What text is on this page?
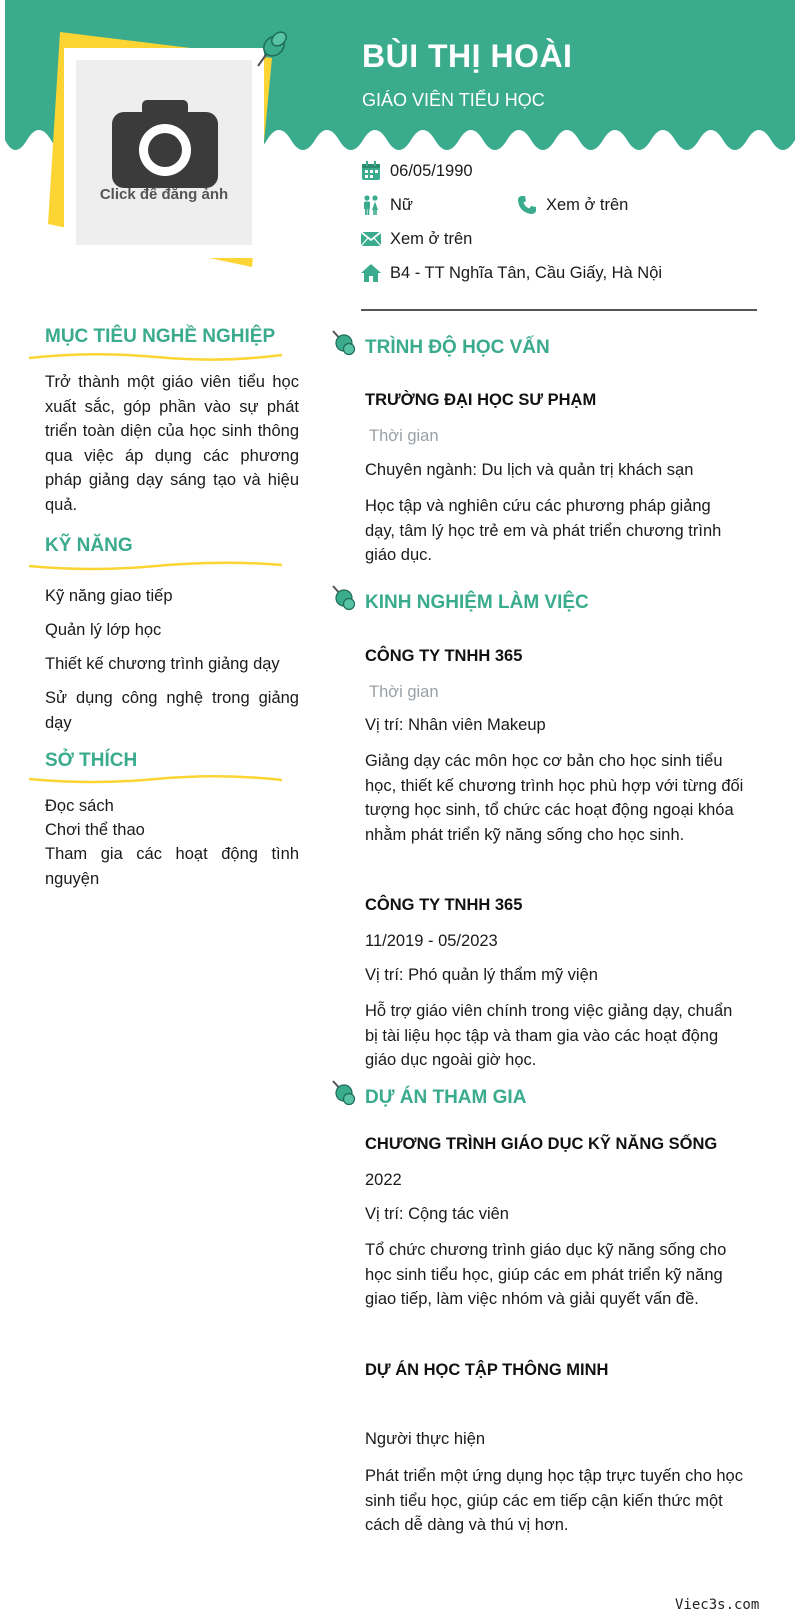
BÙI THỊ HOÀI
GIÁO VIÊN TIỂU HỌC
Click để đăng ảnh
06/05/1990
Nữ	Xem ở trên
Xem ở trên
B4 - TT Nghĩa Tân, Cầu Giấy, Hà Nội
MỤC TIÊU NGHỀ NGHIỆP
Trở thành một giáo viên tiểu học xuất sắc, góp phần vào sự phát triển toàn diện của học sinh thông qua việc áp dụng các phương pháp giảng dạy sáng tạo và hiệu quả.
KỸ NĂNG
Kỹ năng giao tiếp
Quản lý lớp học
Thiết kế chương trình giảng dạy
Sử dụng công nghệ trong giảng dạy
SỞ THÍCH
Đọc sách
Chơi thể thao
Tham gia các hoạt động tình nguyện
TRÌNH ĐỘ HỌC VẤN
TRƯỜNG ĐẠI HỌC SƯ PHẠM
Thời gian
Chuyên ngành: Du lịch và quản trị khách sạn
Học tập và nghiên cứu các phương pháp giảng dạy, tâm lý học trẻ em và phát triển chương trình giáo dục.
KINH NGHIỆM LÀM VIỆC
CÔNG TY TNHH 365
Thời gian
Vị trí: Nhân viên Makeup
Giảng dạy các môn học cơ bản cho học sinh tiểu học, thiết kế chương trình học phù hợp với từng đối tượng học sinh, tổ chức các hoạt động ngoại khóa nhằm phát triển kỹ năng sống cho học sinh.
CÔNG TY TNHH 365
11/2019 - 05/2023
Vị trí: Phó quản lý thẩm mỹ viện
Hỗ trợ giáo viên chính trong việc giảng dạy, chuẩn bị tài liệu học tập và tham gia vào các hoạt động giáo dục ngoài giờ học.
DỰ ÁN THAM GIA
CHƯƠNG TRÌNH GIÁO DỤC KỸ NĂNG SỐNG
2022
Vị trí: Cộng tác viên
Tổ chức chương trình giáo dục kỹ năng sống cho học sinh tiểu học, giúp các em phát triển kỹ năng giao tiếp, làm việc nhóm và giải quyết vấn đề.
DỰ ÁN HỌC TẬP THÔNG MINH
Người thực hiện
Phát triển một ứng dụng học tập trực tuyến cho học sinh tiểu học, giúp các em tiếp cận kiến thức một cách dễ dàng và thú vị hơn.
Viec3s.com
